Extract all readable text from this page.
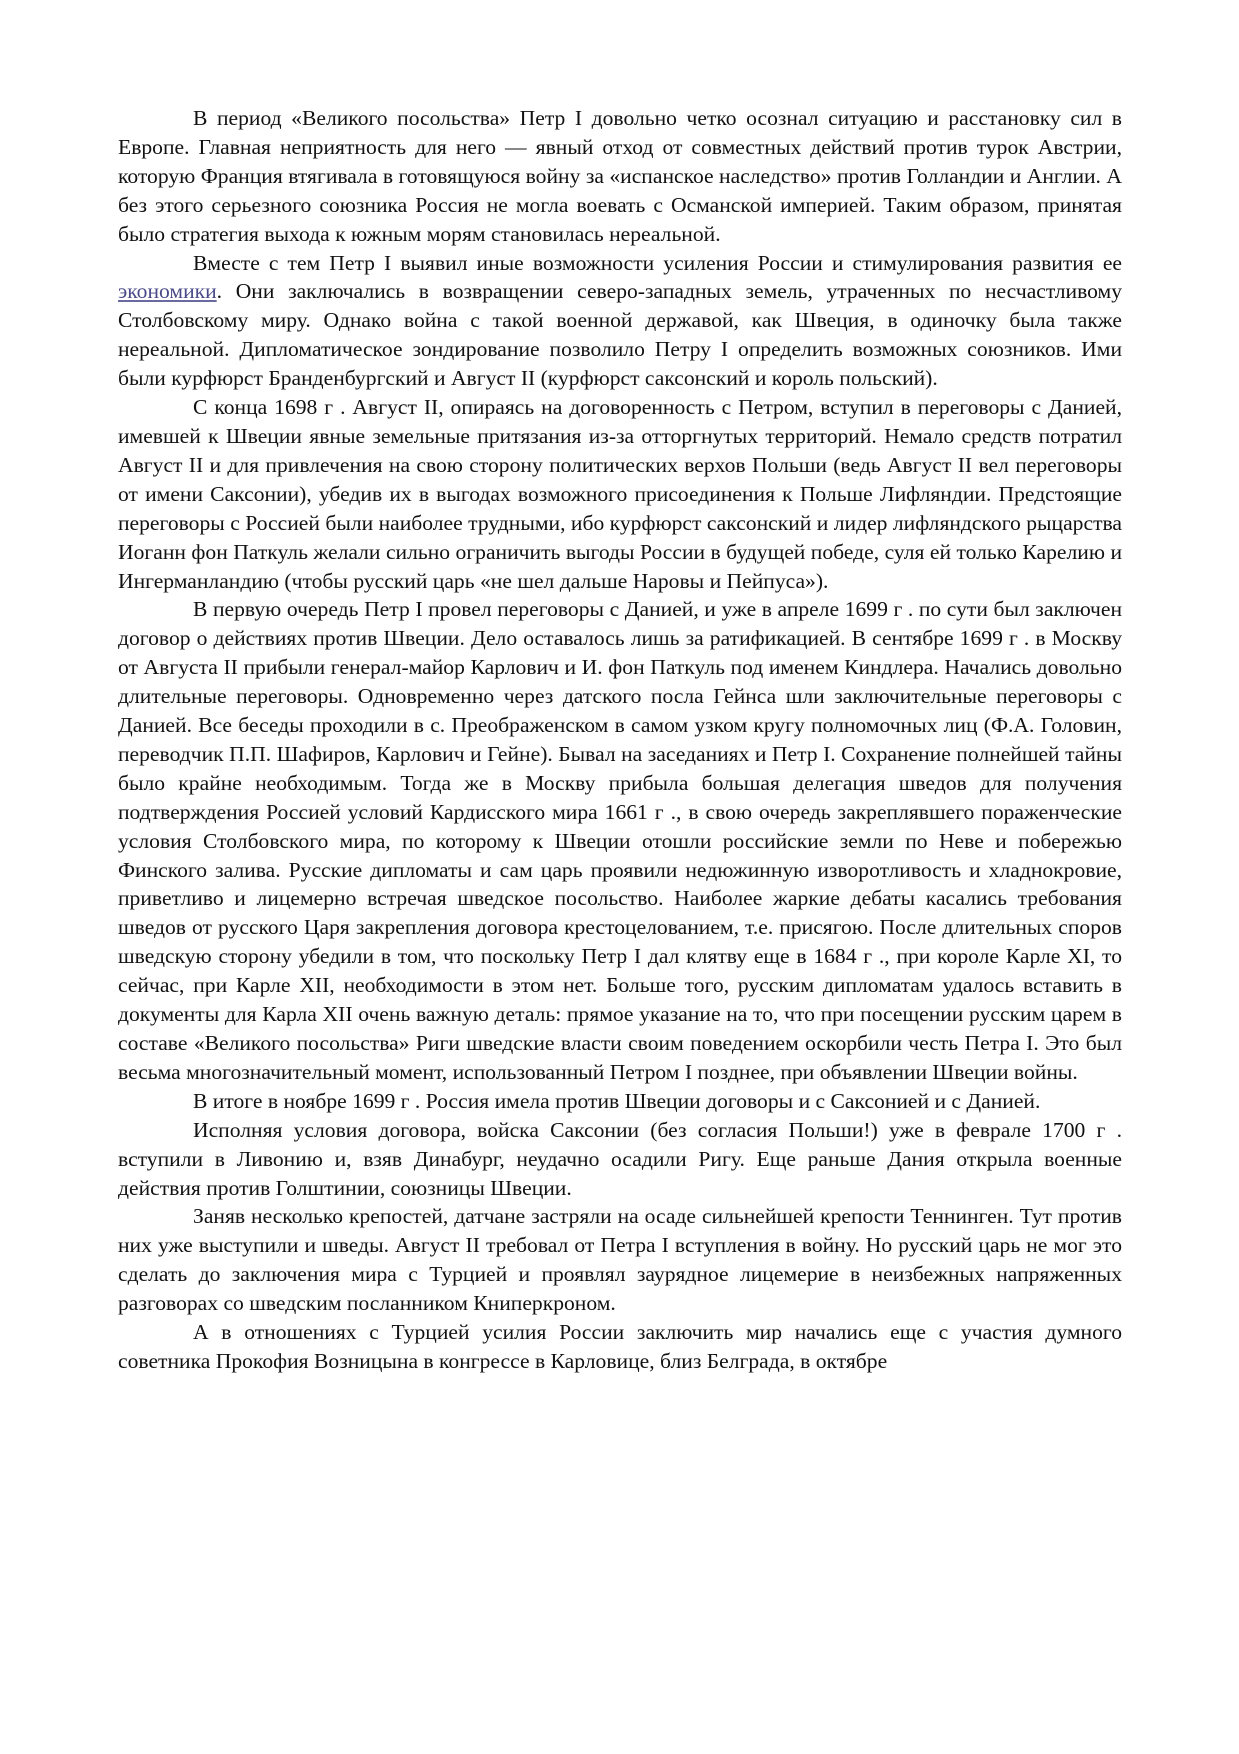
В период «Великого посольства» Петр I довольно четко осознал ситуацию и расстановку сил в Европе. Главная неприятность для него — явный отход от совместных действий против турок Австрии, которую Франция втягивала в готовящуюся войну за «испанское наследство» против Голландии и Англии. А без этого серьезного союзника Россия не могла воевать с Османской империей. Таким образом, принятая было стратегия выхода к южным морям становилась нереальной.

Вместе с тем Петр I выявил иные возможности усиления России и стимулирования развития ее экономики. Они заключались в возвращении северо-западных земель, утраченных по несчастливому Столбовскому миру. Однако война с такой военной державой, как Швеция, в одиночку была также нереальной. Дипломатическое зондирование позволило Петру I определить возможных союзников. Ими были курфюрст Бранденбургский и Август II (курфюрст саксонский и король польский).

С конца 1698 г . Август II, опираясь на договоренность с Петром, вступил в переговоры с Данией, имевшей к Швеции явные земельные притязания из-за отторгнутых территорий. Немало средств потратил Август II и для привлечения на свою сторону политических верхов Польши (ведь Август II вел переговоры от имени Саксонии), убедив их в выгодах возможного присоединения к Польше Лифляндии. Предстоящие переговоры с Россией были наиболее трудными, ибо курфюрст саксонский и лидер лифляндского рыцарства Иоганн фон Паткуль желали сильно ограничить выгоды России в будущей победе, суля ей только Карелию и Ингерманландию (чтобы русский царь «не шел дальше Наровы и Пейпуса»).

В первую очередь Петр I провел переговоры с Данией, и уже в апреле 1699 г . по сути был заключен договор о действиях против Швеции. Дело оставалось лишь за ратификацией. В сентябре 1699 г . в Москву от Августа II прибыли генерал-майор Карлович и И. фон Паткуль под именем Киндлера. Начались довольно длительные переговоры. Одновременно через датского посла Гейнса шли заключительные переговоры с Данией. Все беседы проходили в с. Преображенском в самом узком кругу полномочных лиц (Ф.А. Головин, переводчик П.П. Шафиров, Карлович и Гейне). Бывал на заседаниях и Петр I. Сохранение полнейшей тайны было крайне необходимым. Тогда же в Москву прибыла большая делегация шведов для получения подтверждения Россией условий Кардисского мира 1661 г ., в свою очередь закреплявшего пораженческие условия Столбовского мира, по которому к Швеции отошли российские земли по Неве и побережью Финского залива. Русские дипломаты и сам царь проявили недюжинную изворотливость и хладнокровие, приветливо и лицемерно встречая шведское посольство. Наиболее жаркие дебаты касались требования шведов от русского Царя закрепления договора крестоцелованием, т.е. присягою. После длительных споров шведскую сторону убедили в том, что поскольку Петр I дал клятву еще в 1684 г ., при короле Карле XI, то сейчас, при Карле XII, необходимости в этом нет. Больше того, русским дипломатам удалось вставить в документы для Карла XII очень важную деталь: прямое указание на то, что при посещении русским царем в составе «Великого посольства» Риги шведские власти своим поведением оскорбили честь Петра I. Это был весьма многозначительный момент, использованный Петром I позднее, при объявлении Швеции войны.

В итоге в ноябре 1699 г . Россия имела против Швеции договоры и с Саксонией и с Данией.

Исполняя условия договора, войска Саксонии (без согласия Польши!) уже в феврале 1700 г . вступили в Ливонию и, взяв Динабург, неудачно осадили Ригу. Еще раньше Дания открыла военные действия против Голштинии, союзницы Швеции.

Заняв несколько крепостей, датчане застряли на осаде сильнейшей крепости Теннинген. Тут против них уже выступили и шведы. Август II требовал от Петра I вступления в войну. Но русский царь не мог это сделать до заключения мира с Турцией и проявлял заурядное лицемерие в неизбежных напряженных разговорах со шведским посланником Книперкроном.

А в отношениях с Турцией усилия России заключить мир начались еще с участия думного советника Прокофия Возницына в конгрессе в Карловице, близ Белграда, в октябре
